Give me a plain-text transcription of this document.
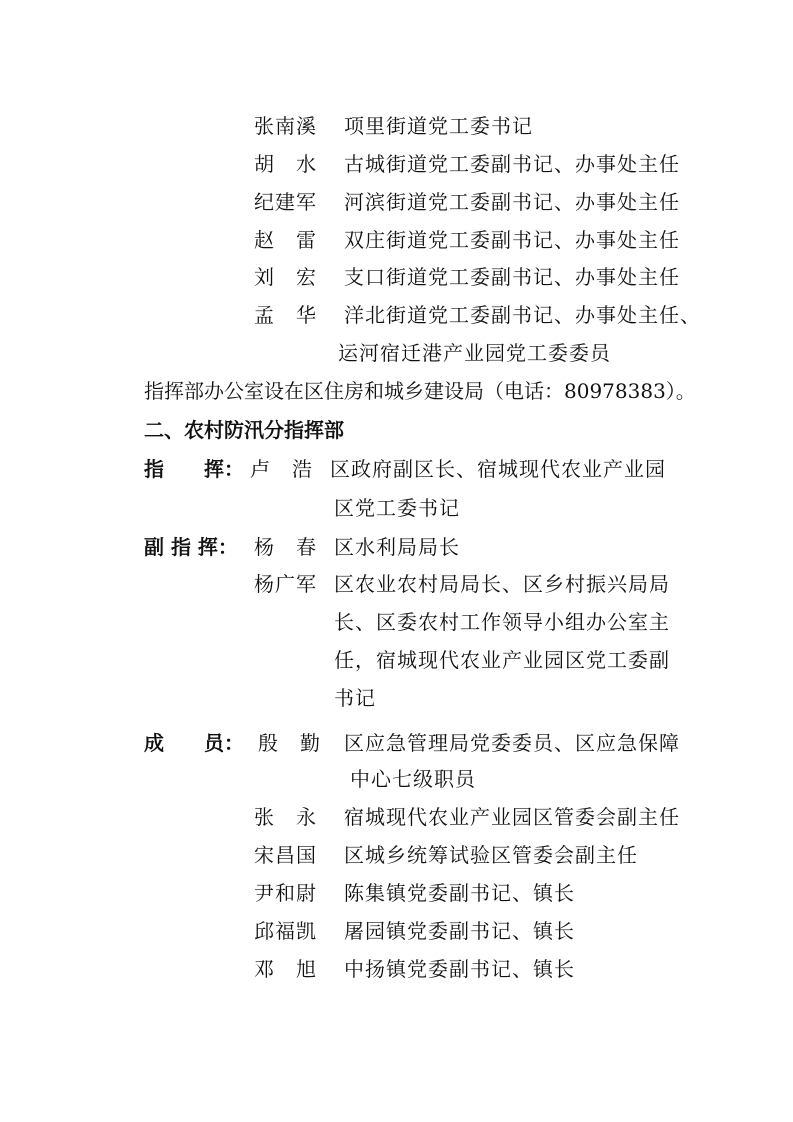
张南溪 项里街道党工委书记
胡　水 古城街道党工委副书记、办事处主任
纪建军 河滨街道党工委副书记、办事处主任
赵　雷 双庄街道党工委副书记、办事处主任
刘　宏 支口街道党工委副书记、办事处主任
孟　华 洋北街道党工委副书记、办事处主任、
运河宿迁港产业园党工委委员
指挥部办公室设在区住房和城乡建设局（电话：80978383）。
二、农村防汛分指挥部
指　　挥： 卢　浩 区政府副区长、宿城现代农业产业园
区党工委书记
副 指 挥： 杨　春 区水利局局长
杨广军 区农业农村局局长、区乡村振兴局局
长、区委农村工作领导小组办公室主
任，宿城现代农业产业园区党工委副
书记
成　　员： 殷　勤 区应急管理局党委委员、区应急保障
中心七级职员
张　永 宿城现代农业产业园区管委会副主任
宋昌国 区城乡统筹试验区管委会副主任
尹和尉 陈集镇党委副书记、镇长
邱福凯 屠园镇党委副书记、镇长
邓　旭 中扬镇党委副书记、镇长
